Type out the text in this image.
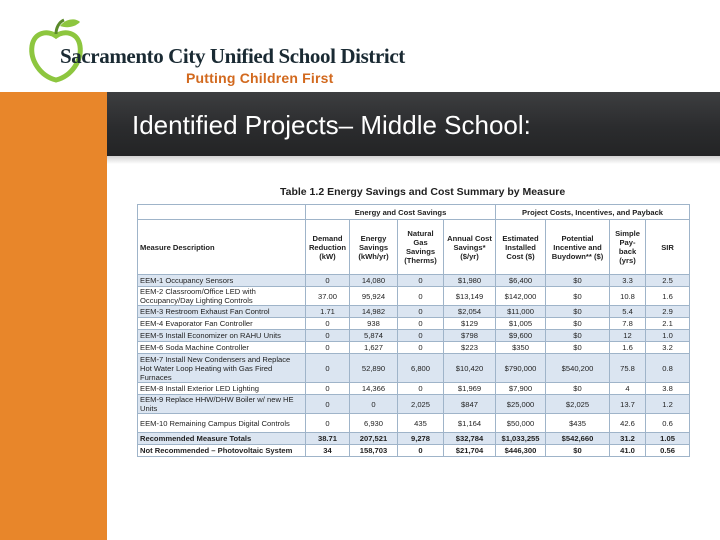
Sacramento City Unified School District
Putting Children First
Identified Projects– Middle School:
Table 1.2 Energy Savings and Cost Summary by Measure
	Energy and Cost Savings				Project Costs, Incentives, and Payback			
Measure Description	Demand Reduction (kW)	Energy Savings (kWh/yr)	Natural Gas Savings (Therms)	Annual Cost Savings* ($/yr)	Estimated Installed Cost ($)	Potential Incentive and Buydown** ($)	Simple Pay-back (yrs)	SIR
EEM-1 Occupancy Sensors	0	14,080	0	$1,980	$6,400	$0	3.3	2.5
EEM-2 Classroom/Office LED with Occupancy/Day Lighting Controls	37.00	95,924	0	$13,149	$142,000	$0	10.8	1.6
EEM-3 Restroom Exhaust Fan Control	1.71	14,982	0	$2,054	$11,000	$0	5.4	2.9
EEM-4 Evaporator Fan Controller	0	938	0	$129	$1,005	$0	7.8	2.1
EEM-5 Install Economizer on RAHU Units	0	5,874	0	$798	$9,600	$0	12	1.0
EEM-6 Soda Machine Controller	0	1,627	0	$223	$350	$0	1.6	3.2
EEM-7 Install New Condensers and Replace Hot Water Loop Heating with Gas Fired Furnaces	0	52,890	6,800	$10,420	$790,000	$540,200	75.8	0.8
EEM-8 Install Exterior LED Lighting	0	14,366	0	$1,969	$7,900	$0	4	3.8
EEM-9 Replace HHW/DHW Boiler w/ new HE Units	0	0	2,025	$847	$25,000	$2,025	13.7	1.2
EEM-10 Remaining Campus Digital Controls	0	6,930	435	$1,164	$50,000	$435	42.6	0.6
Recommended Measure Totals	38.71	207,521	9,278	$32,784	$1,033,255	$542,660	31.2	1.05
Not Recommended – Photovoltaic System	34	158,703	0	$21,704	$446,300	$0	41.0	0.56
